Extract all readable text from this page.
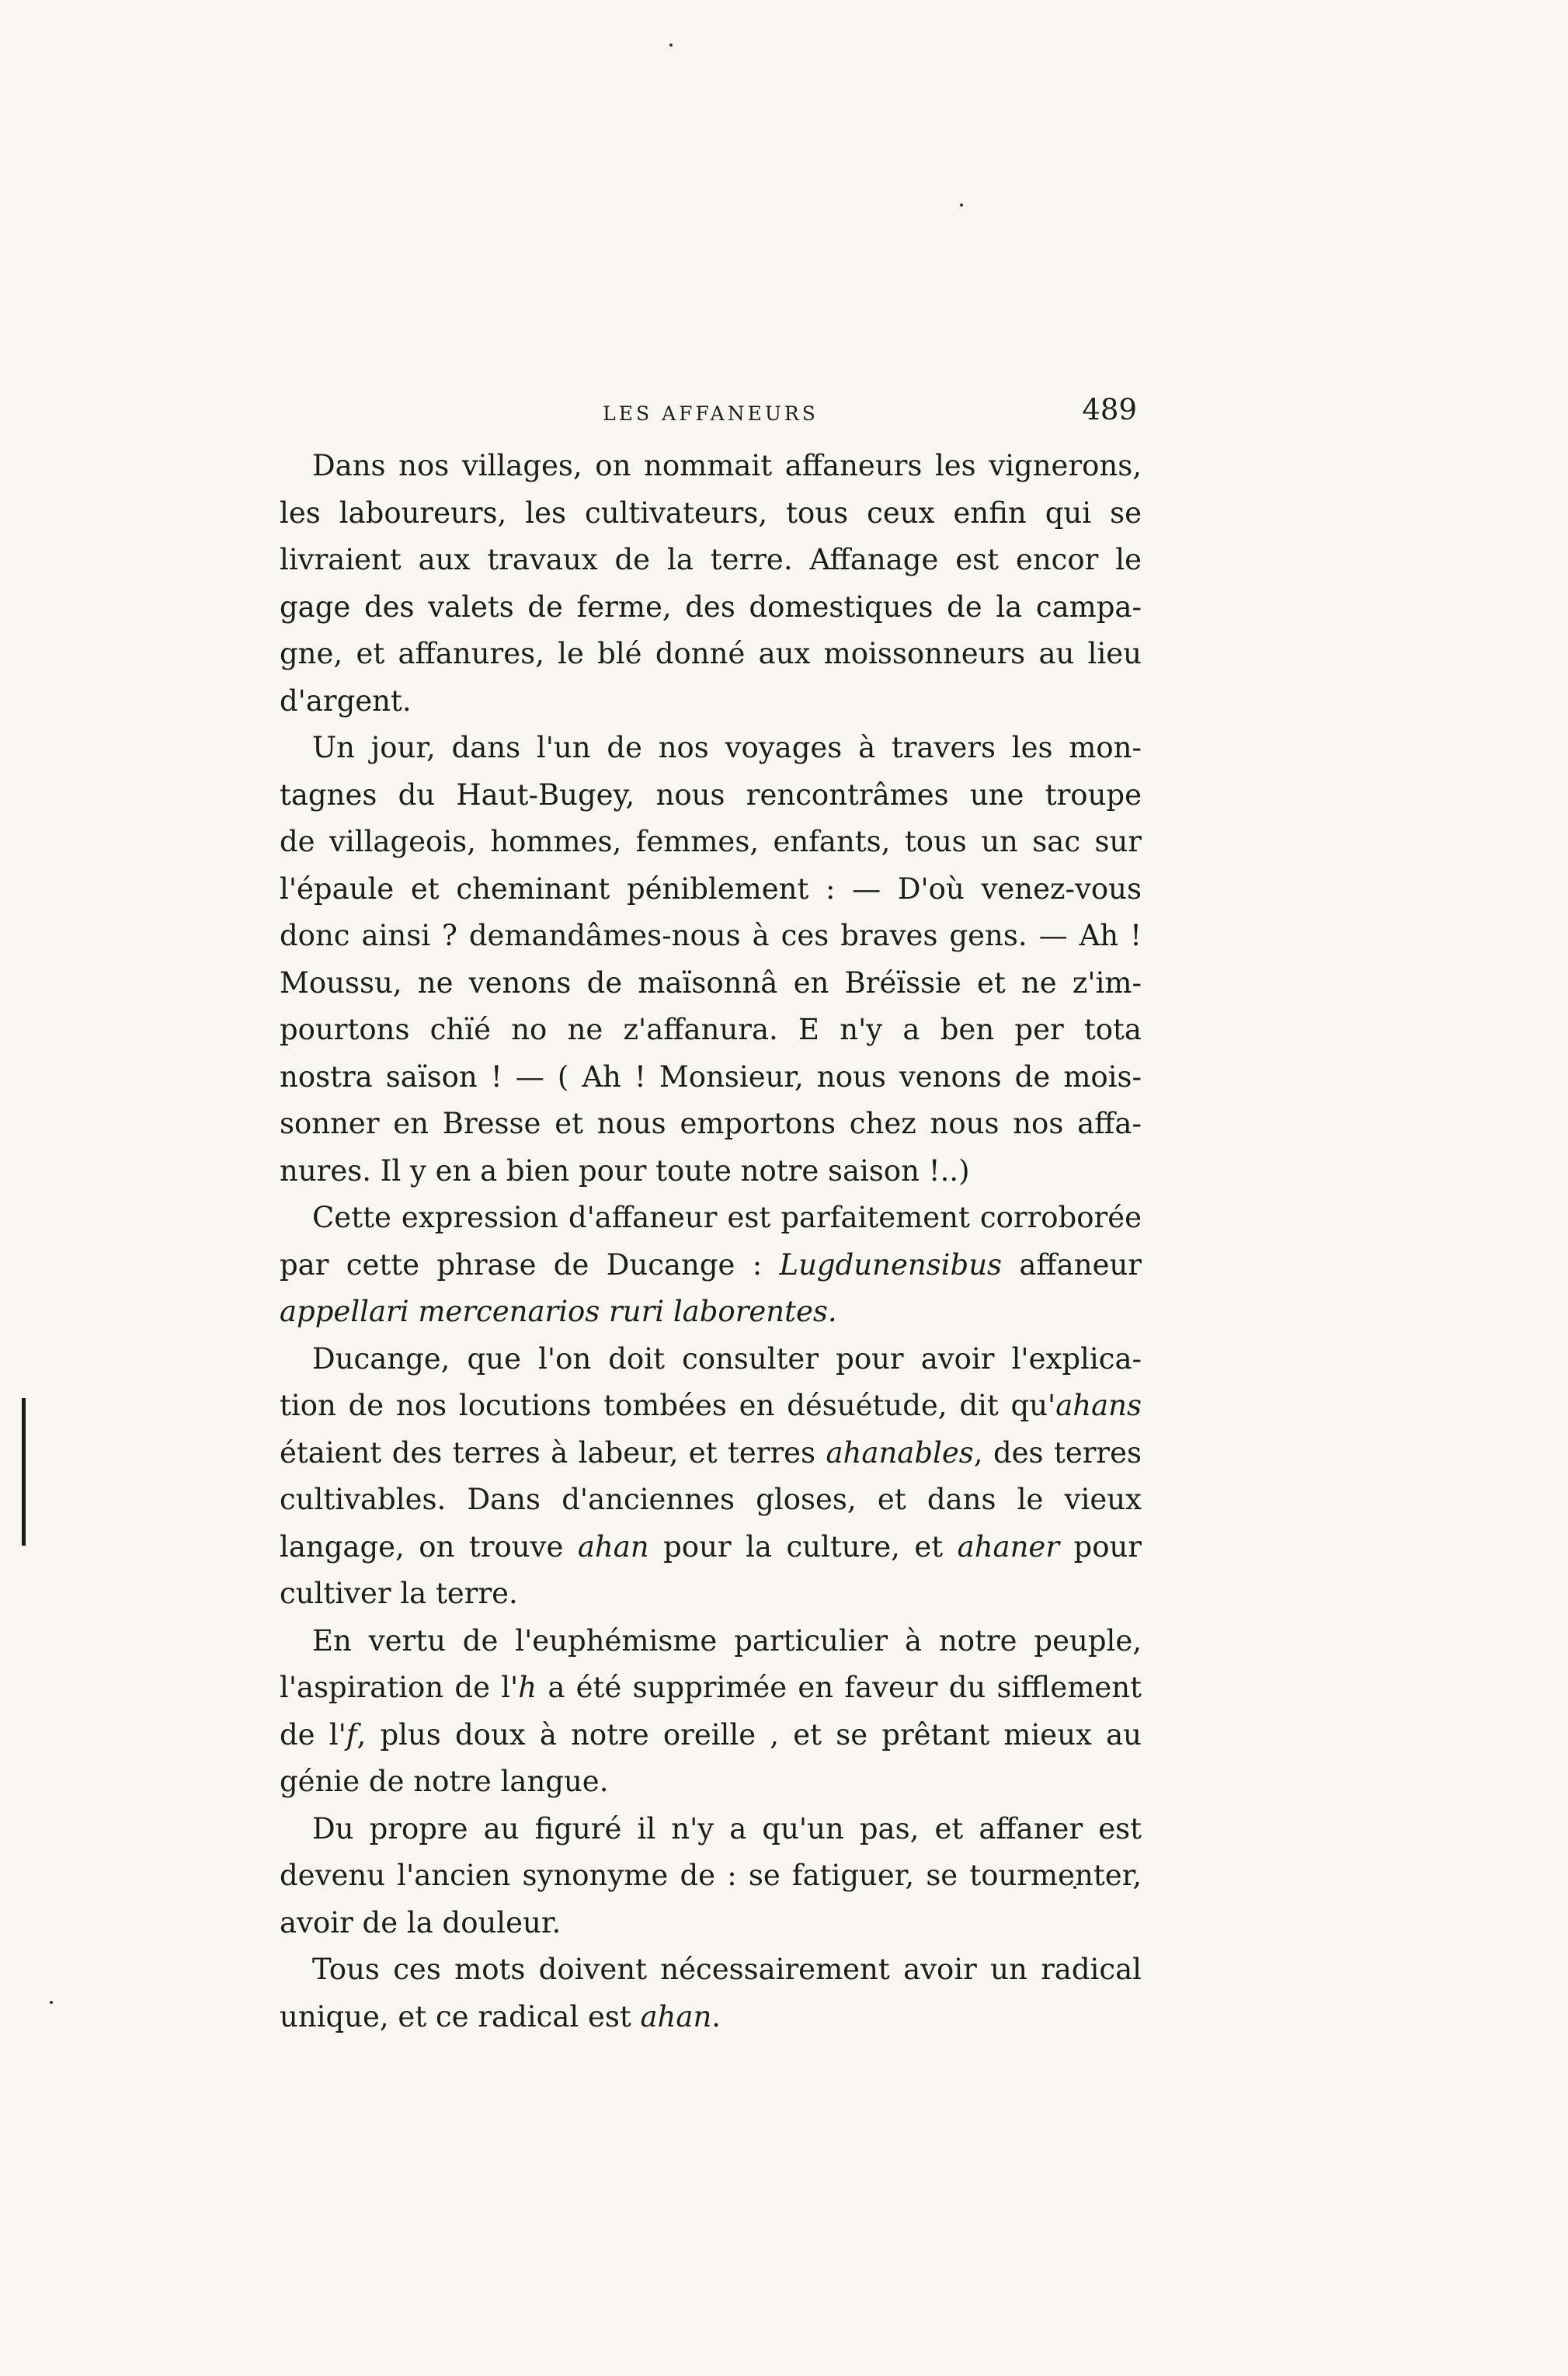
LES AFFANEURS	489

Dans nos villages, on nommait affaneurs les vignerons,
les laboureurs, les cultivateurs, tous ceux enfin qui se
livraient aux travaux de la terre. Affanage est encor le
gage des valets de ferme, des domestiques de la campa-
gne, et affanures, le blé donné aux moissonneurs au lieu
d'argent.

Un jour, dans l'un de nos voyages à travers les mon-
tagnes du Haut-Bugey, nous rencontrâmes une troupe
de villageois, hommes, femmes, enfants, tous un sac sur
l'épaule et cheminant péniblement : — D'où venez-vous
donc ainsi ? demandâmes-nous à ces braves gens. — Ah !
Moussu, ne venons de maïsonnâ en Bréïssie et ne z'im-
pourtons chïé no ne z'affanura. E n'y a ben per tota
nostra saïson ! — ( Ah ! Monsieur, nous venons de mois-
sonner en Bresse et nous emportons chez nous nos affa-
nures. Il y en a bien pour toute notre saison !..)

Cette expression d'affaneur est parfaitement corroborée
par cette phrase de Ducange : Lugdunensibus affaneur
appellari mercenarios ruri laborentes.

Ducange, que l'on doit consulter pour avoir l'explica-
tion de nos locutions tombées en désuétude, dit qu'ahans
étaient des terres à labeur, et terres ahanables, des terres
cultivables. Dans d'anciennes gloses, et dans le vieux
langage, on trouve ahan pour la culture, et ahaner pour
cultiver la terre.

En vertu de l'euphémisme particulier à notre peuple,
l'aspiration de l'h a été supprimée en faveur du sifflement
de l'f, plus doux à notre oreille , et se prêtant mieux au
génie de notre langue.

Du propre au figuré il n'y a qu'un pas, et affaner est
devenu l'ancien synonyme de : se fatiguer, se tourmenter,
avoir de la douleur.

Tous ces mots doivent nécessairement avoir un radical
unique, et ce radical est ahan.
